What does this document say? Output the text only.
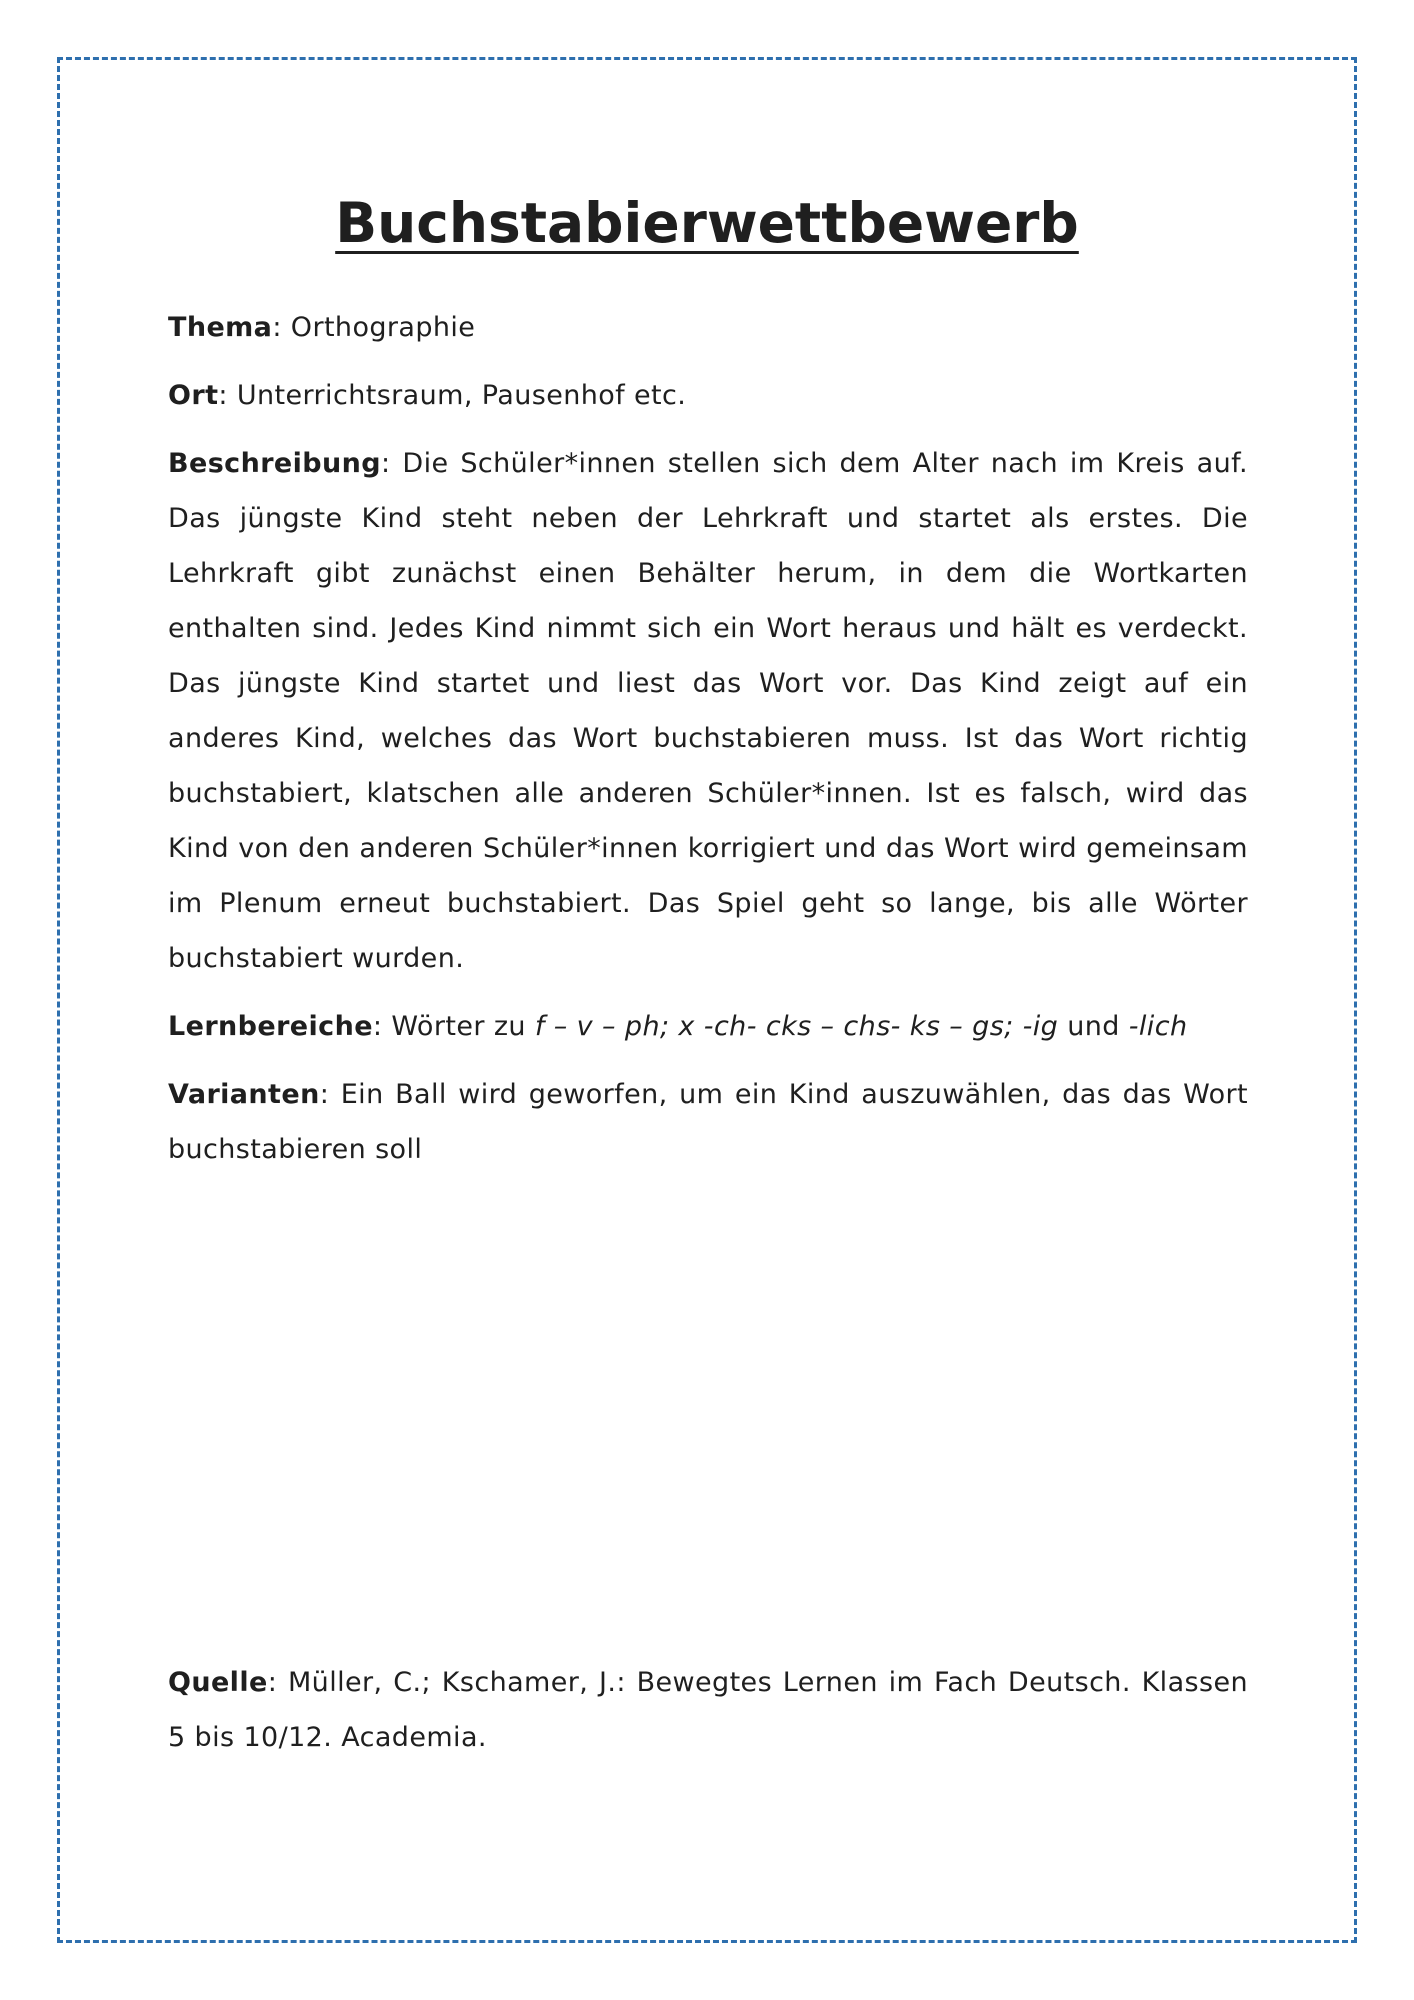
Buchstabierwettbewerb

Thema: Orthographie

Ort: Unterrichtsraum, Pausenhof etc.

Beschreibung: Die Schüler*innen stellen sich dem Alter nach im Kreis auf. Das jüngste Kind steht neben der Lehrkraft und startet als erstes. Die Lehrkraft gibt zunächst einen Behälter herum, in dem die Wortkarten enthalten sind. Jedes Kind nimmt sich ein Wort heraus und hält es verdeckt. Das jüngste Kind startet und liest das Wort vor. Das Kind zeigt auf ein anderes Kind, welches das Wort buchstabieren muss. Ist das Wort richtig buchstabiert, klatschen alle anderen Schüler*innen. Ist es falsch, wird das Kind von den anderen Schüler*innen korrigiert und das Wort wird gemeinsam im Plenum erneut buchstabiert. Das Spiel geht so lange, bis alle Wörter buchstabiert wurden.

Lernbereiche: Wörter zu f – v – ph; x -ch- cks – chs- ks – gs; -ig und -lich

Varianten: Ein Ball wird geworfen, um ein Kind auszuwählen, das das Wort buchstabieren soll

Quelle: Müller, C.; Kschamer, J.: Bewegtes Lernen im Fach Deutsch. Klassen 5 bis 10/12. Academia.
